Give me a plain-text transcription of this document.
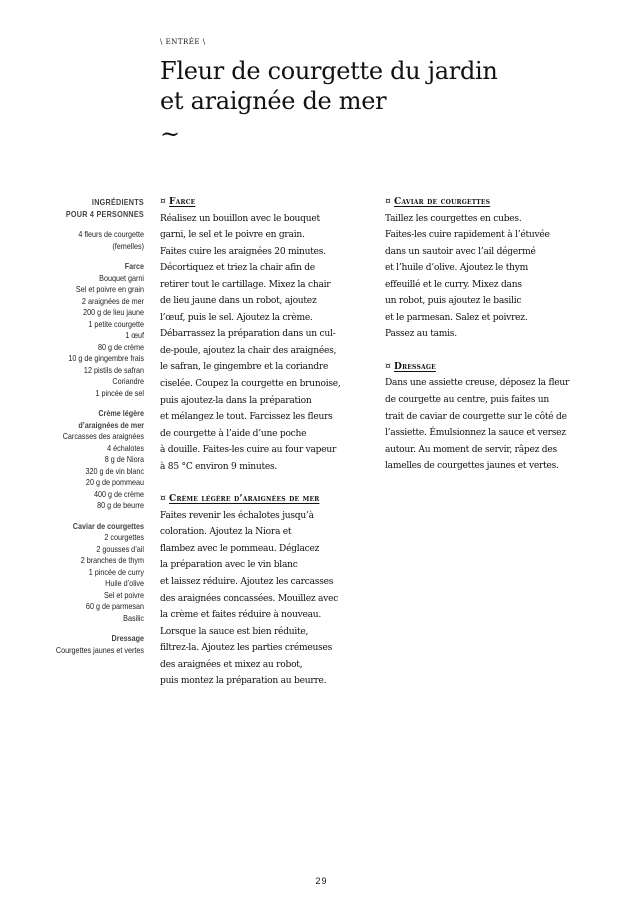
\ ENTRÉE \
Fleur de courgette du jardin
et araignée de mer
~
INGRÉDIENTS
POUR 4 PERSONNES
4 fleurs de courgette
(femelles)
Farce
Bouquet garni
Sel et poivre en grain
2 araignées de mer
200 g de lieu jaune
1 petite courgette
1 œuf
80 g de crème
10 g de gingembre frais
12 pistils de safran
Coriandre
1 pincée de sel
Crème légère
d’araignées de mer
Carcasses des araignées
4 échalotes
8 g de Niora
320 g de vin blanc
20 g de pommeau
400 g de crème
80 g de beurre
Caviar de courgettes
2 courgettes
2 gousses d’ail
2 branches de thym
1 pincée de curry
Huile d’olive
Sel et poivre
60 g de parmesan
Basilic
Dressage
Courgettes jaunes et vertes
¤ Farce
Réalisez un bouillon avec le bouquet
garni, le sel et le poivre en grain.
Faites cuire les araignées 20 minutes.
Décortiquez et triez la chair afin de
retirer tout le cartillage. Mixez la chair
de lieu jaune dans un robot, ajoutez
l’œuf, puis le sel. Ajoutez la crème.
Débarrassez la préparation dans un cul-
de-poule, ajoutez la chair des araignées,
le safran, le gingembre et la coriandre
ciselée. Coupez la courgette en brunoise,
puis ajoutez-la dans la préparation
et mélangez le tout. Farcissez les fleurs
de courgette à l’aide d’une poche
à douille. Faites-les cuire au four vapeur
à 85 °C environ 9 minutes.
¤ Crème légère d’araignées de mer
Faites revenir les échalotes jusqu’à
coloration. Ajoutez la Niora et
flambez avec le pommeau. Déglacez
la préparation avec le vin blanc
et laissez réduire. Ajoutez les carcasses
des araignées concassées. Mouillez avec
la crème et faites réduire à nouveau.
Lorsque la sauce est bien réduite,
filtrez-la. Ajoutez les parties crémeuses
des araignées et mixez au robot,
puis montez la préparation au beurre.
¤ Caviar de courgettes
Taillez les courgettes en cubes.
Faites-les cuire rapidement à l’étuvée
dans un sautoir avec l’ail dégermé
et l’huile d’olive. Ajoutez le thym
effeuillé et le curry. Mixez dans
un robot, puis ajoutez le basilic
et le parmesan. Salez et poivrez.
Passez au tamis.
¤ Dressage
Dans une assiette creuse, déposez la fleur
de courgette au centre, puis faites un
trait de caviar de courgette sur le côté de
l’assiette. Émulsionnez la sauce et versez
autour. Au moment de servir, râpez des
lamelles de courgettes jaunes et vertes.
29
